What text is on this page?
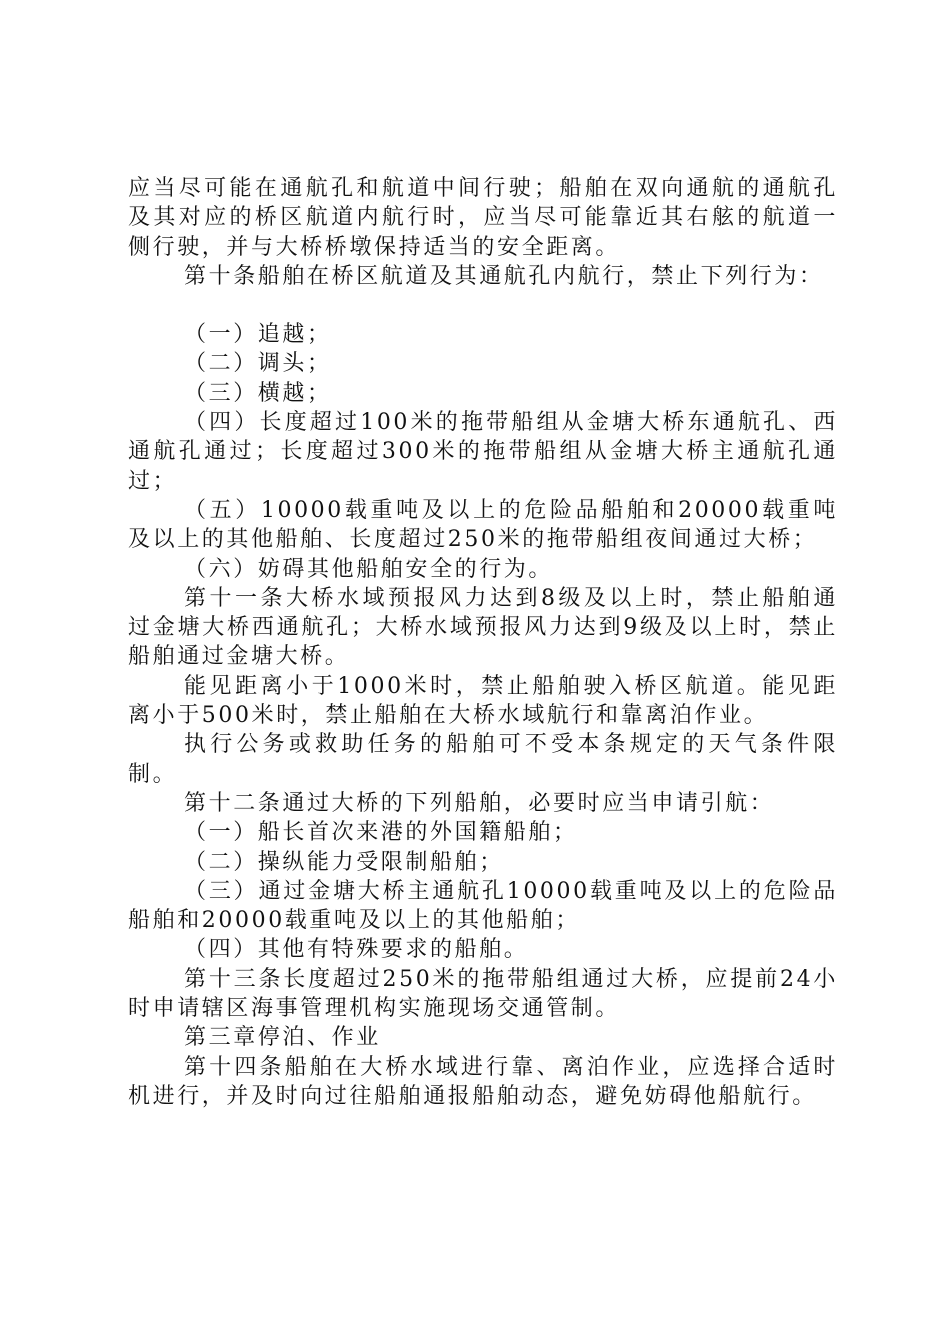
应当尽可能在通航孔和航道中间行驶；船舶在双向通航的通航孔及其对应的桥区航道内航行时，应当尽可能靠近其右舷的航道一侧行驶，并与大桥桥墩保持适当的安全距离。

第十条船舶在桥区航道及其通航孔内航行，禁止下列行为：

（一）追越；

（二）调头；

（三）横越；

（四）长度超过100米的拖带船组从金塘大桥东通航孔、西通航孔通过；长度超过300米的拖带船组从金塘大桥主通航孔通过；

（五）10000载重吨及以上的危险品船舶和20000载重吨及以上的其他船舶、长度超过250米的拖带船组夜间通过大桥；

（六）妨碍其他船舶安全的行为。

第十一条大桥水域预报风力达到8级及以上时，禁止船舶通过金塘大桥西通航孔；大桥水域预报风力达到9级及以上时，禁止船舶通过金塘大桥。

能见距离小于1000米时，禁止船舶驶入桥区航道。能见距离小于500米时，禁止船舶在大桥水域航行和靠离泊作业。

执行公务或救助任务的船舶可不受本条规定的天气条件限制。

第十二条通过大桥的下列船舶，必要时应当申请引航：

（一）船长首次来港的外国籍船舶；

（二）操纵能力受限制船舶；

（三）通过金塘大桥主通航孔10000载重吨及以上的危险品船舶和20000载重吨及以上的其他船舶；

（四）其他有特殊要求的船舶。

第十三条长度超过250米的拖带船组通过大桥，应提前24小时申请辖区海事管理机构实施现场交通管制。

第三章停泊、作业

第十四条船舶在大桥水域进行靠、离泊作业，应选择合适时机进行，并及时向过往船舶通报船舶动态，避免妨碍他船航行。
